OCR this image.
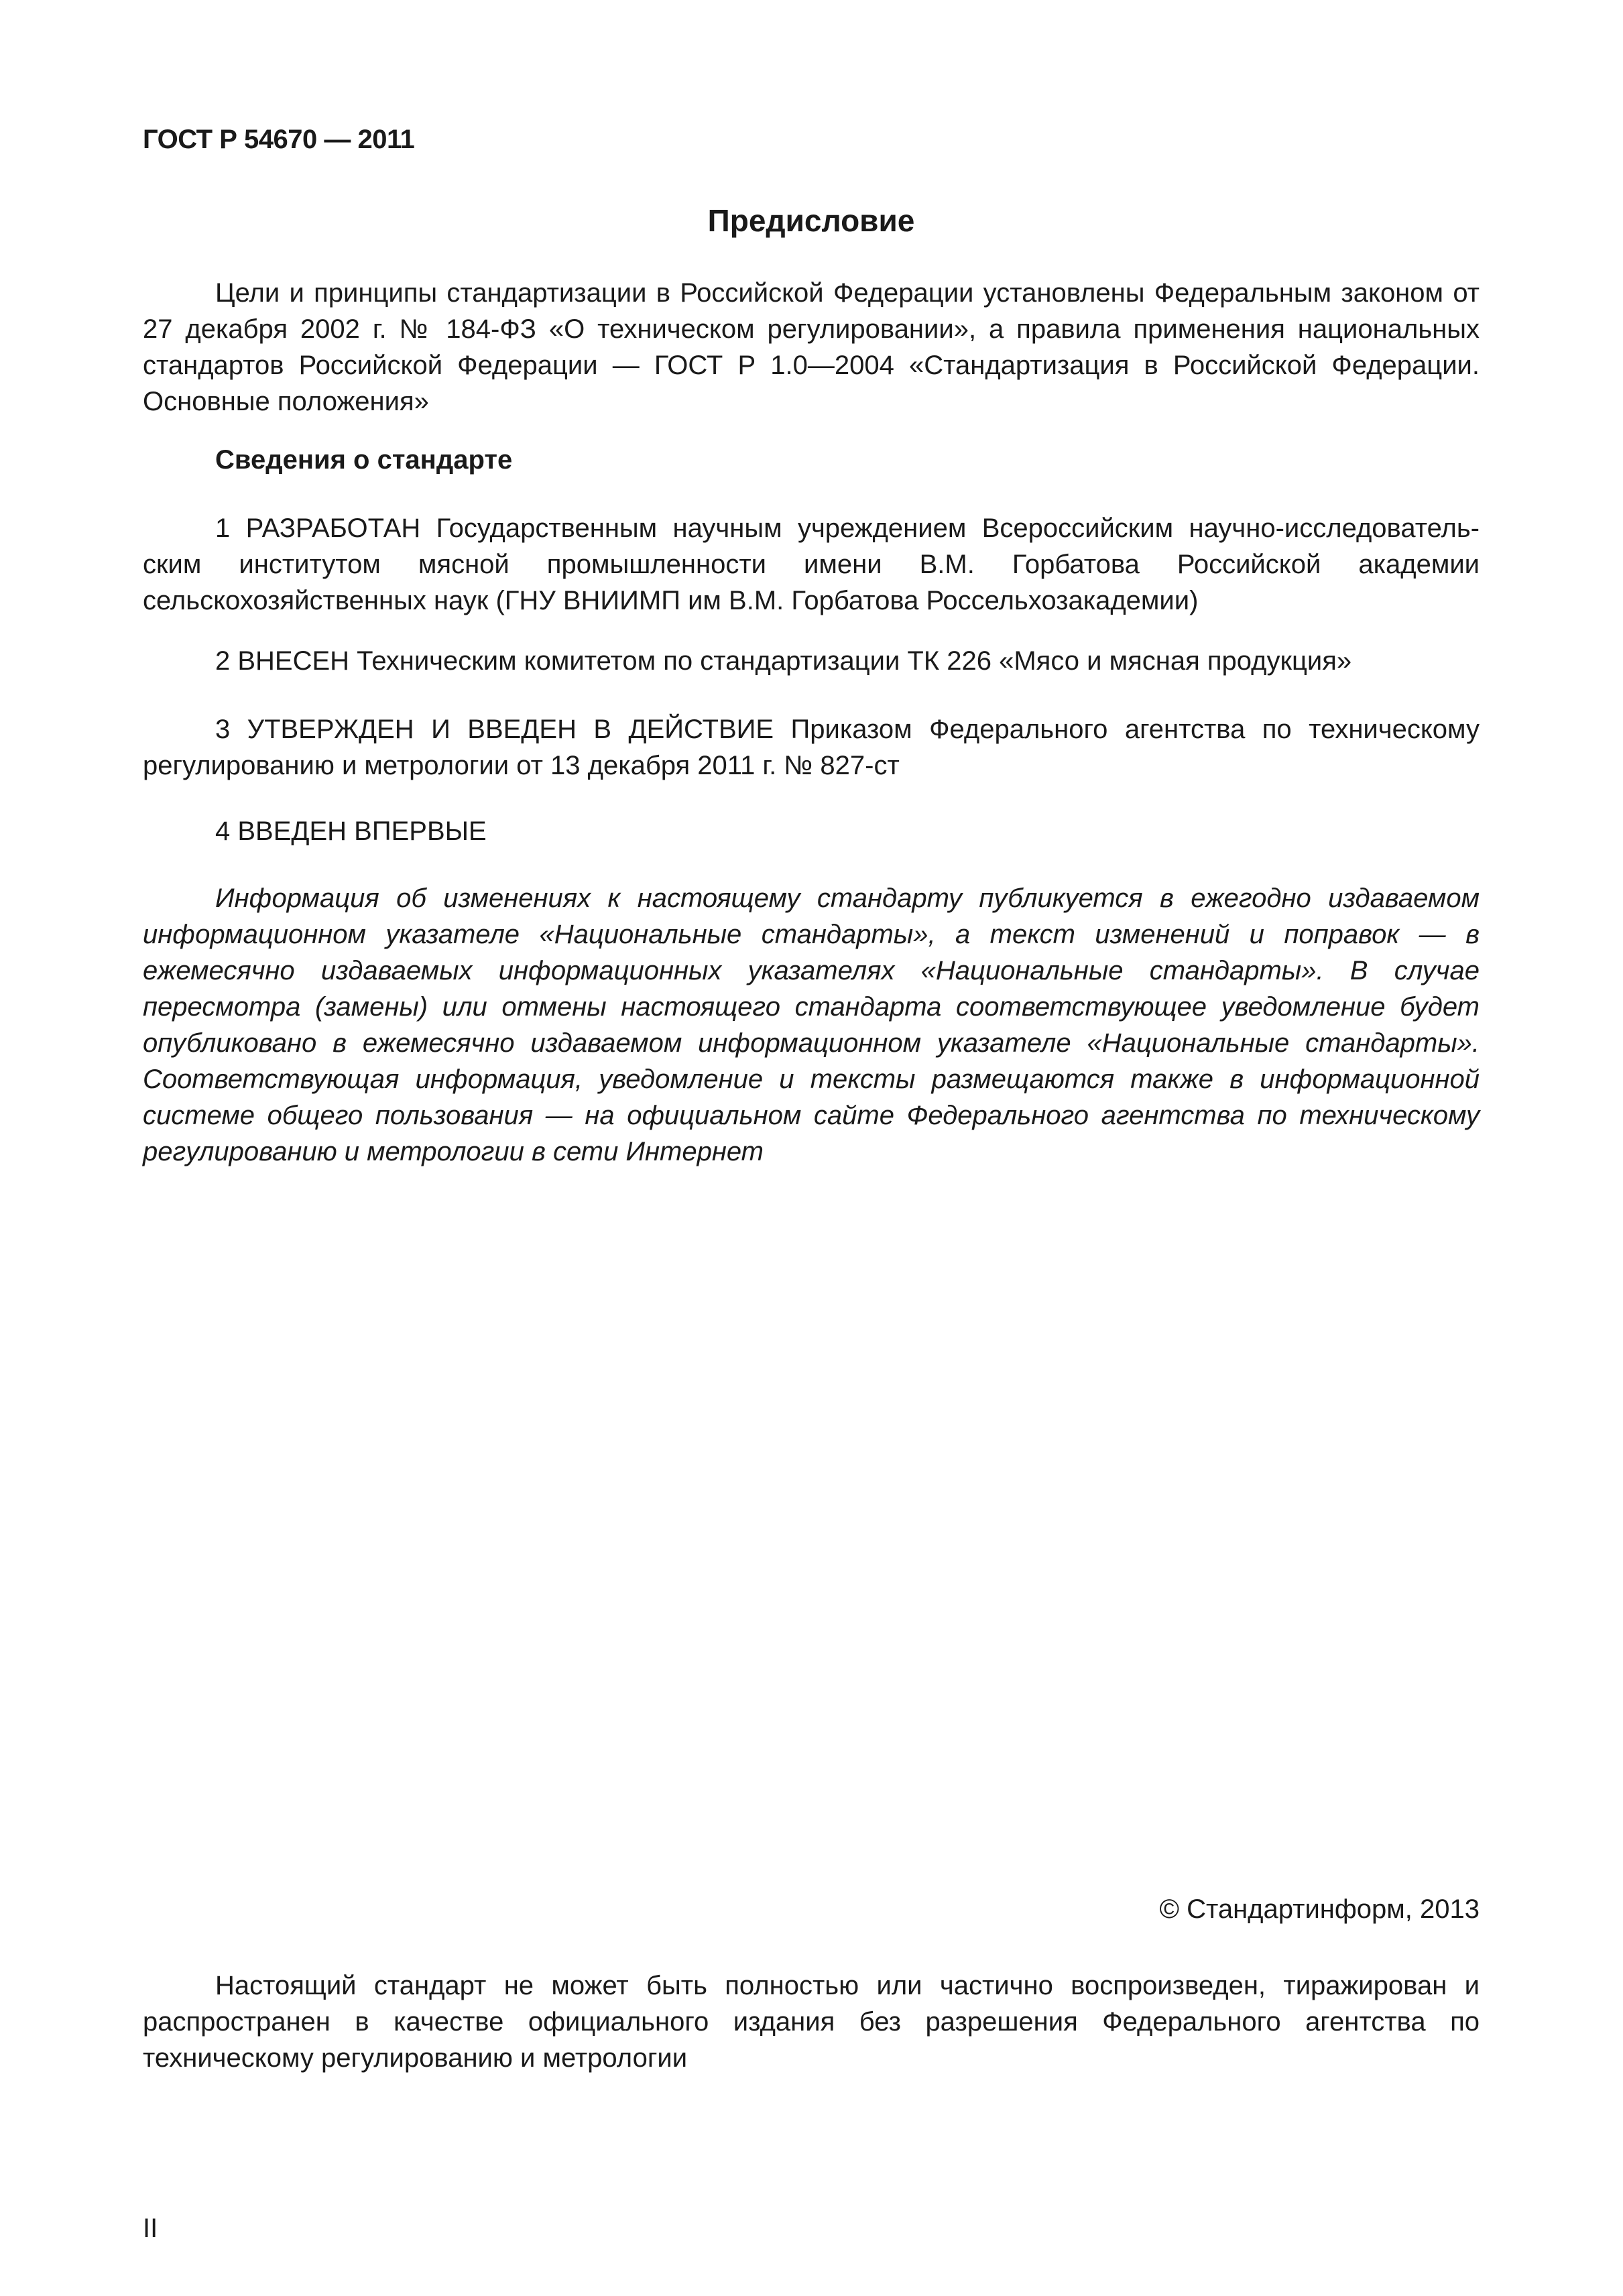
ГОСТ Р 54670 — 2011
Предисловие

Цели и принципы стандартизации в Российской Федерации установлены Федеральным законом от 27 декабря 2002 г. № 184-ФЗ «О техническом регулировании», а правила применения национальных стандартов Российской Федерации — ГОСТ Р 1.0—2004 «Стандартизация в Российской Федерации. Основные положения»

Сведения о стандарте

1 РАЗРАБОТАН Государственным научным учреждением Всероссийским научно-исследовательским институтом мясной промышленности имени В.М. Горбатова Российской академии сельскохозяйственных наук (ГНУ ВНИИМП им В.М. Горбатова Россельхозакадемии)

2 ВНЕСЕН Техническим комитетом по стандартизации ТК 226 «Мясо и мясная продукция»

3 УТВЕРЖДЕН И ВВЕДЕН В ДЕЙСТВИЕ Приказом Федерального агентства по техническому регулированию и метрологии от 13 декабря 2011 г. № 827-ст

4 ВВЕДЕН ВПЕРВЫЕ

Информация об изменениях к настоящему стандарту публикуется в ежегодно издаваемом информационном указателе «Национальные стандарты», а текст изменений и поправок — в ежемесячно издаваемых информационных указателях «Национальные стандарты». В случае пересмотра (замены) или отмены настоящего стандарта соответствующее уведомление будет опубликовано в ежемесячно издаваемом информационном указателе «Национальные стандарты». Соответствующая информация, уведомление и тексты размещаются также в информационной системе общего пользования — на официальном сайте Федерального агентства по техническому регулированию и метрологии в сети Интернет

© Стандартинформ, 2013

Настоящий стандарт не может быть полностью или частично воспроизведен, тиражирован и распространен в качестве официального издания без разрешения Федерального агентства по техническому регулированию и метрологии

II
